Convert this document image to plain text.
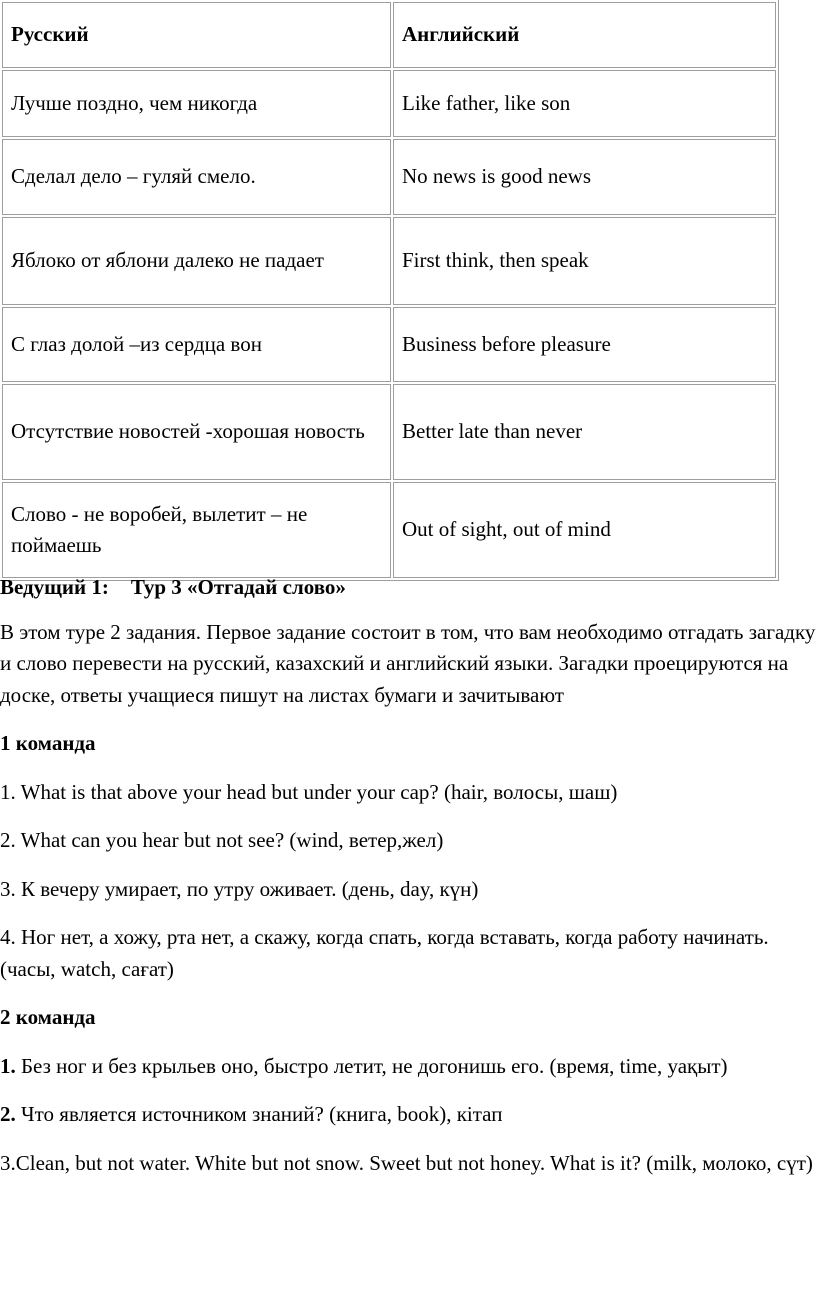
Русский	Английский
Лучше поздно, чем никогда	Like father, like son
Сделал дело – гуляй смело.	No news is good news
Яблоко от яблони далеко не падает	First think, then speak
С глаз долой –из сердца вон	Business before pleasure
Отсутствие новостей -хорошая новость	Better late than never
Слово - не воробей, вылетит – не поймаешь	Out of sight, out of mind

Ведущий 1: Тур 3 «Отгадай слово»

В этом туре 2 задания. Первое задание состоит в том, что вам необходимо отгадать загадку и слово перевести на русский, казахский и английский языки. Загадки проецируются на доске, ответы учащиеся пишут на листах бумаги и зачитывают

1 команда

1. What is that above your head but under your cap? (hair, волосы, шаш)

2. What can you hear but not see? (wind, ветер,жел)

3. К вечеру умирает, по утру оживает. (день, day, күн)

4. Ног нет, а хожу, рта нет, а скажу, когда спать, когда вставать, когда работу начинать. (часы, watch, сағат)

2 команда

1. Без ног и без крыльев оно, быстро летит, не догонишь его. (время, time, уақыт)

2. Что является источником знаний? (книга, book), кітап

3.Clean, but not water. White but not snow. Sweet but not honey. What is it? (milk, молоко, сүт)
